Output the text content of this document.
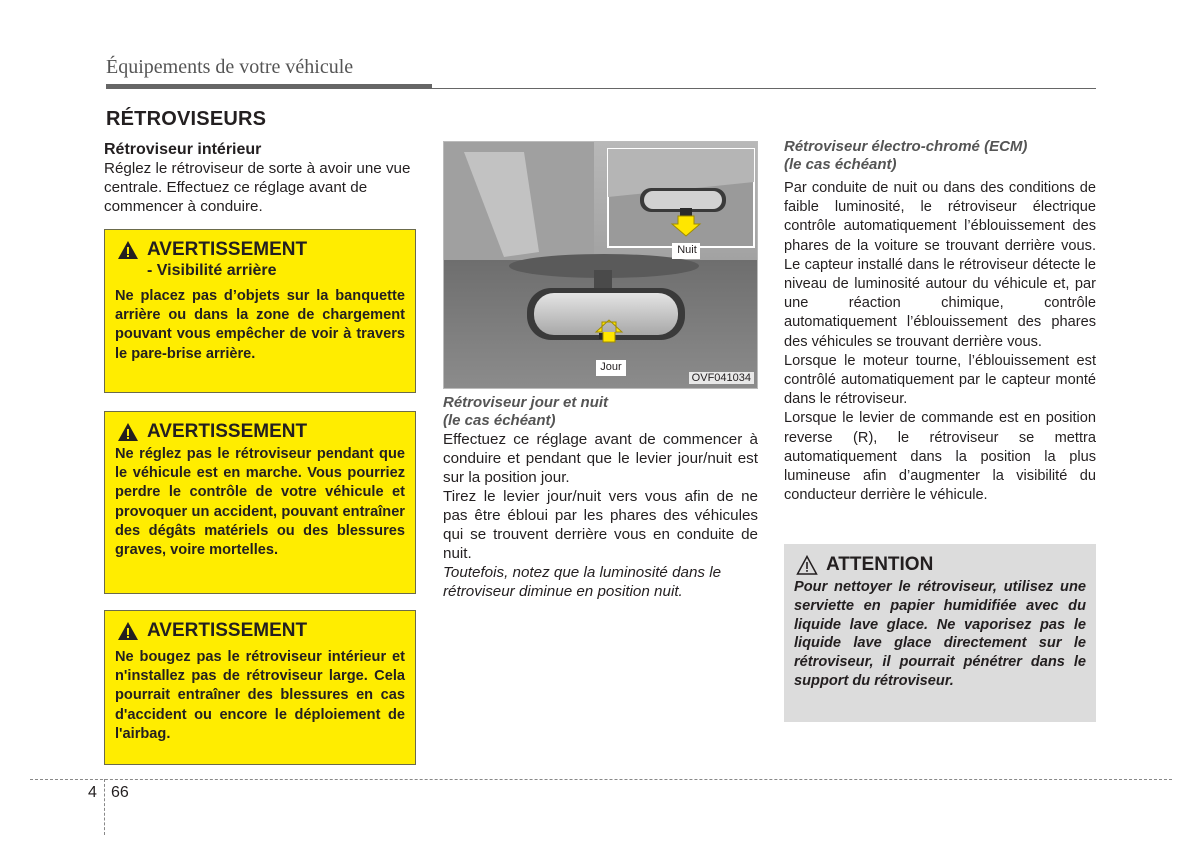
Équipements de votre véhicule
RÉTROVISEURS
Rétroviseur intérieur
Réglez le rétroviseur de sorte à avoir une vue centrale. Effectuez ce réglage avant de commencer à conduire.
AVERTISSEMENT
- Visibilité arrière
Ne placez pas d’objets sur la banquette arrière ou dans la zone de chargement pouvant vous empêcher de voir à travers le pare-brise arrière.
AVERTISSEMENT
Ne réglez pas le rétroviseur pendant que le véhicule est en marche. Vous pourriez perdre le contrôle de votre véhicule et provoquer un accident, pouvant entraîner des dégâts matériels ou des blessures graves, voire mortelles.
AVERTISSEMENT
Ne bougez pas le rétroviseur intérieur et n'installez pas de rétroviseur large. Cela pourrait entraîner des blessures en cas d'accident ou encore le déploiement de l'airbag.
Nuit
Jour
OVF041034
Rétroviseur jour et nuit
(le cas échéant)
Effectuez ce réglage avant de commencer à conduire et pendant que le levier jour/nuit est sur la position jour.
Tirez le levier jour/nuit vers vous afin de ne pas être ébloui par les phares des véhicules qui se trouvent derrière vous en conduite de nuit.
Toutefois, notez que la luminosité dans le rétroviseur diminue en position nuit.
Rétroviseur électro-chromé (ECM)
(le cas échéant)
Par conduite de nuit ou dans des conditions de faible luminosité, le rétroviseur électrique contrôle automatiquement l’éblouissement des phares de la voiture se trouvant derrière vous. Le capteur installé dans le rétroviseur détecte le niveau de luminosité autour du véhicule et, par une réaction chimique, contrôle automatiquement l’éblouissement des phares des véhicules se trouvant derrière vous.
Lorsque le moteur tourne, l’éblouissement est contrôlé automatiquement par le capteur monté dans le rétroviseur.
Lorsque le levier de commande est en position reverse (R), le rétroviseur se mettra automatiquement dans la position la plus lumineuse afin d’augmenter la visibilité du conducteur derrière le véhicule.
ATTENTION
Pour nettoyer le rétroviseur, utilisez une serviette en papier humidifiée avec du liquide lave glace. Ne vaporisez pas le liquide lave glace directement sur le rétroviseur, il pourrait pénétrer dans le support du rétroviseur.
4 66
